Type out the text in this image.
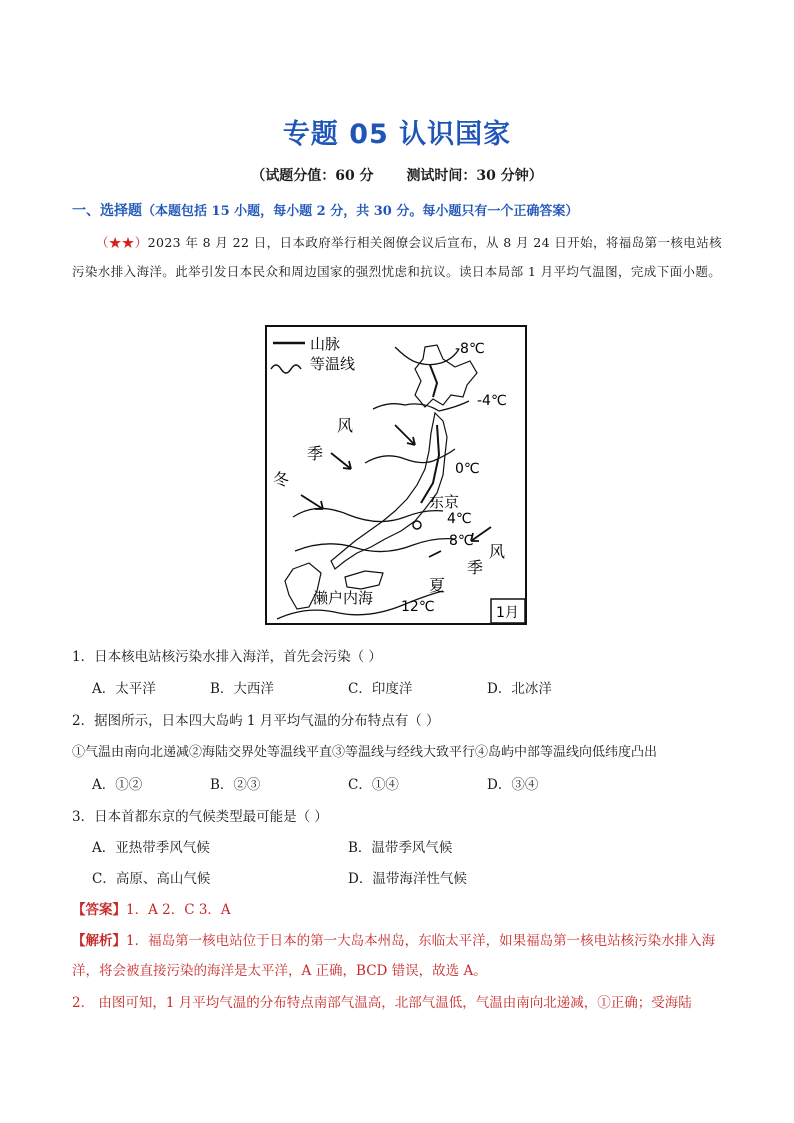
专题 05 认识国家
（试题分值：60 分 测试时间：30 分钟）
一、选择题（本题包括 15 小题，每小题 2 分，共 30 分。每小题只有一个正确答案）
（★★）2023 年 8 月 22 日，日本政府举行相关阁僚会议后宣布，从 8 月 24 日开始，将福岛第一核电站核污染水排入海洋。此举引发日本民众和周边国家的强烈忧虑和抗议。读日本局部 1 月平均气温图，完成下面小题。
山脉
等温线
-8℃
-4℃
0℃
东京
4℃
8℃
12℃
濑户内海
冬
季
风
夏
季
风
1月
1．日本核电站核污染水排入海洋，首先会污染（ ）
A．太平洋	B．大西洋	C．印度洋	D．北冰洋
2．据图所示，日本四大岛屿 1 月平均气温的分布特点有（ ）
①气温由南向北递减②海陆交界处等温线平直③等温线与经线大致平行④岛屿中部等温线向低纬度凸出
A．①②	B．②③	C．①④	D．③④
3．日本首都东京的气候类型最可能是（ ）
A．亚热带季风气候	B．温带季风气候
C．高原、高山气候	D．温带海洋性气候
【答案】1．A 2．C 3．A
【解析】1．福岛第一核电站位于日本的第一大岛本州岛，东临太平洋，如果福岛第一核电站核污染水排入海洋，将会被直接污染的海洋是太平洋，A 正确，BCD 错误，故选 A。
2． 由图可知，1 月平均气温的分布特点南部气温高，北部气温低，气温由南向北递减，①正确；受海陆
